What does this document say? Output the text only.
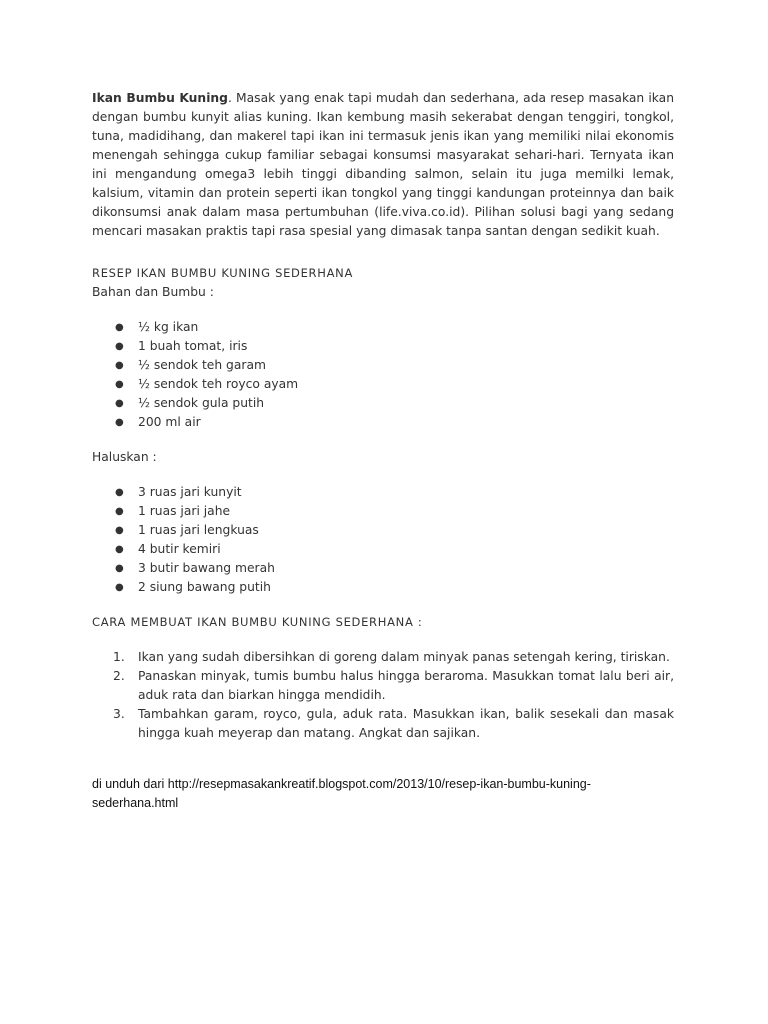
Ikan Bumbu Kuning. Masak yang enak tapi mudah dan sederhana, ada resep masakan ikan dengan bumbu kunyit alias kuning. Ikan kembung masih sekerabat dengan tenggiri, tongkol, tuna, madidihang, dan makerel tapi ikan ini termasuk jenis ikan yang memiliki nilai ekonomis menengah sehingga cukup familiar sebagai konsumsi masyarakat sehari-hari. Ternyata ikan ini mengandung omega3 lebih tinggi dibanding salmon, selain itu juga memilki lemak, kalsium, vitamin dan protein seperti ikan tongkol yang tinggi kandungan proteinnya dan baik dikonsumsi anak dalam masa pertumbuhan (life.viva.co.id). Pilihan solusi bagi yang sedang mencari masakan praktis tapi rasa spesial yang dimasak tanpa santan dengan sedikit kuah.

RESEP IKAN BUMBU KUNING SEDERHANA

Bahan dan Bumbu :

● ½ kg ikan
● 1 buah tomat, iris
● ½ sendok teh garam
● ½ sendok teh royco ayam
● ½ sendok gula putih
● 200 ml air

Haluskan :

● 3 ruas jari kunyit
● 1 ruas jari jahe
● 1 ruas jari lengkuas
● 4 butir kemiri
● 3 butir bawang merah
● 2 siung bawang putih

CARA MEMBUAT IKAN BUMBU KUNING SEDERHANA :

1. Ikan yang sudah dibersihkan di goreng dalam minyak panas setengah kering, tiriskan.
2. Panaskan minyak, tumis bumbu halus hingga beraroma. Masukkan tomat lalu beri air, aduk rata dan biarkan hingga mendidih.
3. Tambahkan garam, royco, gula, aduk rata. Masukkan ikan, balik sesekali dan masak hingga kuah meyerap dan matang. Angkat dan sajikan.

di unduh dari http://resepmasakankreatif.blogspot.com/2013/10/resep-ikan-bumbu-kuning-sederhana.html
